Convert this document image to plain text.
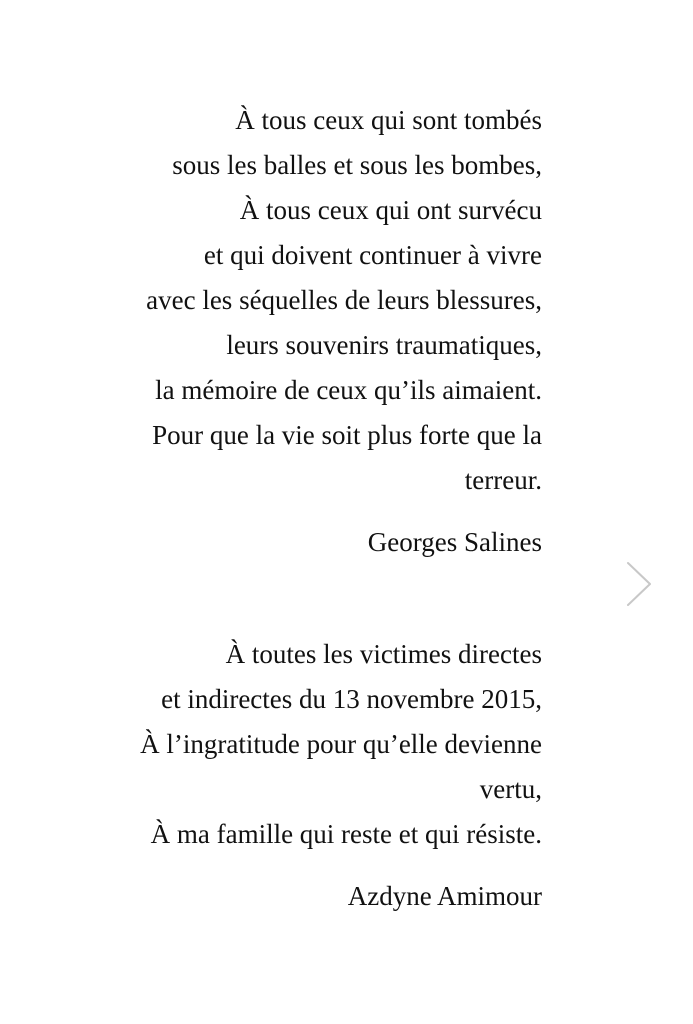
À tous ceux qui sont tombés
sous les balles et sous les bombes,
À tous ceux qui ont survécu
et qui doivent continuer à vivre
avec les séquelles de leurs blessures,
leurs souvenirs traumatiques,
la mémoire de ceux qu’ils aimaient.
Pour que la vie soit plus forte que la
terreur.
Georges Salines
À toutes les victimes directes
et indirectes du 13 novembre 2015,
À l’ingratitude pour qu’elle devienne
vertu,
À ma famille qui reste et qui résiste.
Azdyne Amimour
